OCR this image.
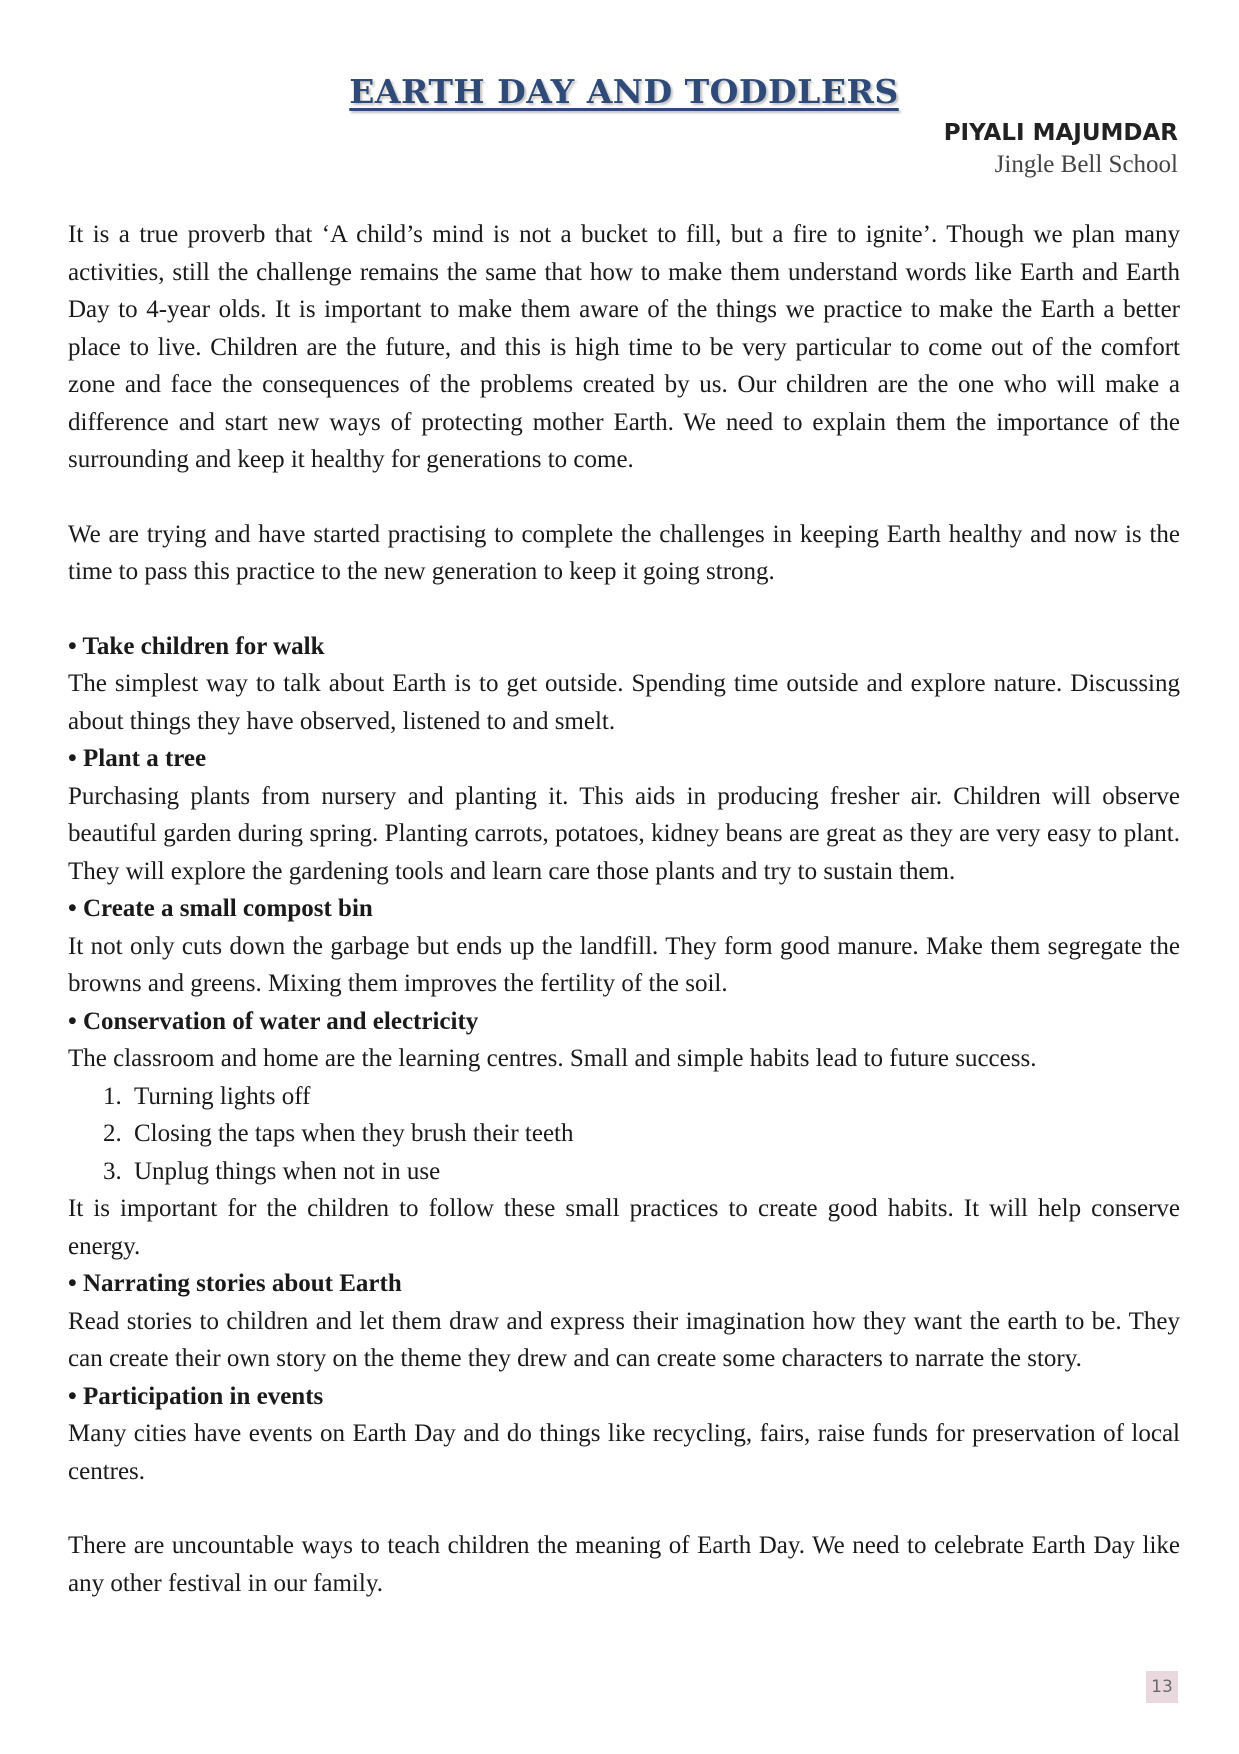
EARTH DAY AND TODDLERS
PIYALI MAJUMDAR
Jingle Bell School

It is a true proverb that ‘A child’s mind is not a bucket to fill, but a fire to ignite’. Though we plan many activities, still the challenge remains the same that how to make them understand words like Earth and Earth Day to 4-year olds. It is important to make them aware of the things we practice to make the Earth a better place to live. Children are the future, and this is high time to be very particular to come out of the comfort zone and face the consequences of the problems created by us. Our children are the one who will make a difference and start new ways of protecting mother Earth. We need to explain them the importance of the surrounding and keep it healthy for generations to come.

We are trying and have started practising to complete the challenges in keeping Earth healthy and now is the time to pass this practice to the new generation to keep it going strong.

• Take children for walk

The simplest way to talk about Earth is to get outside. Spending time outside and explore nature. Discussing about things they have observed, listened to and smelt.

• Plant a tree

Purchasing plants from nursery and planting it. This aids in producing fresher air. Children will observe beautiful garden during spring. Planting carrots, potatoes, kidney beans are great as they are very easy to plant. They will explore the gardening tools and learn care those plants and try to sustain them.

• Create a small compost bin

It not only cuts down the garbage but ends up the landfill. They form good manure. Make them segregate the browns and greens. Mixing them improves the fertility of the soil.

• Conservation of water and electricity

The classroom and home are the learning centres. Small and simple habits lead to future success.

1. Turning lights off
2. Closing the taps when they brush their teeth
3. Unplug things when not in use

It is important for the children to follow these small practices to create good habits. It will help conserve energy.

• Narrating stories about Earth

Read stories to children and let them draw and express their imagination how they want the earth to be. They can create their own story on the theme they drew and can create some characters to narrate the story.

• Participation in events

Many cities have events on Earth Day and do things like recycling, fairs, raise funds for preservation of local centres.

There are uncountable ways to teach children the meaning of Earth Day. We need to celebrate Earth Day like any other festival in our family.

13
